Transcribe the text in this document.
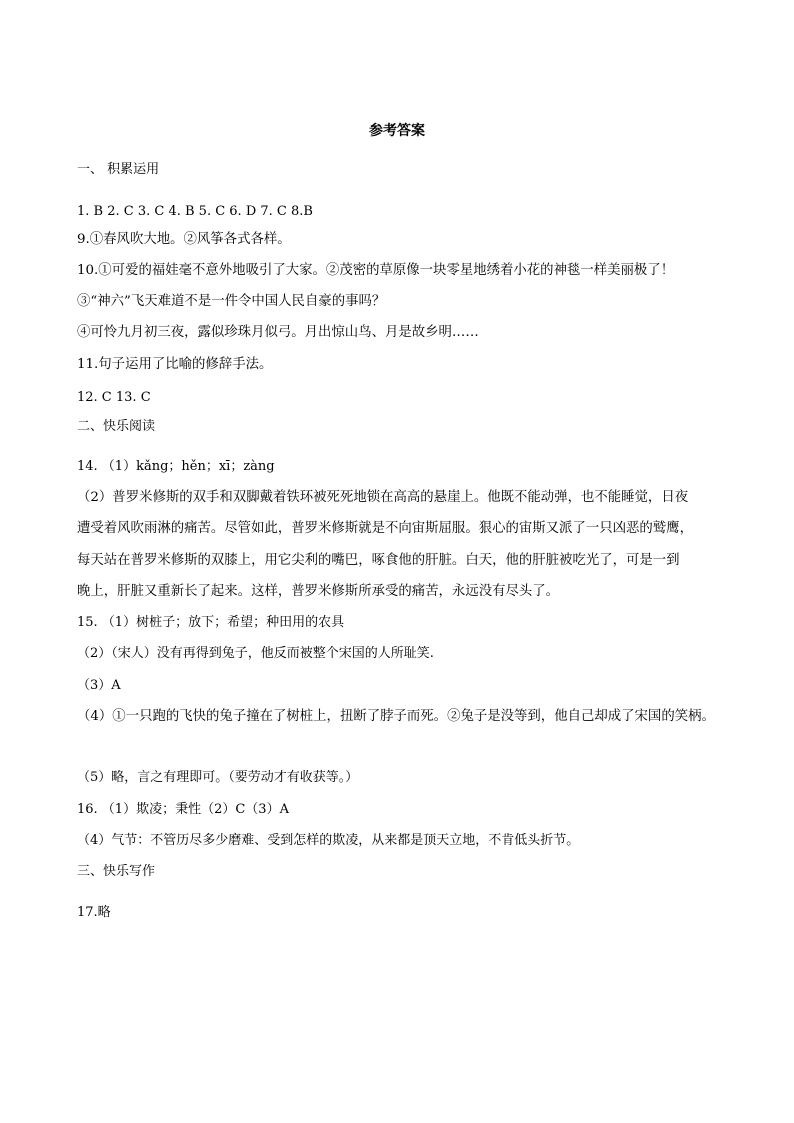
参考答案

一、 积累运用

1. B 2. C 3. C 4. B 5. C 6. D 7. C 8.B

9.①春风吹大地。②风筝各式各样。

10.①可爱的福娃毫不意外地吸引了大家。②茂密的草原像一块零星地绣着小花的神毯一样美丽极了！

③“神六”飞天难道不是一件令中国人民自豪的事吗？

④可怜九月初三夜，露似珍珠月似弓。月出惊山鸟、月是故乡明……

11.句子运用了比喻的修辞手法。

12. C 13. C

二、快乐阅读

14. （1）kǎng；hěn；xī；zàng

（2）普罗米修斯的双手和双脚戴着铁环被死死地锁在高高的悬崖上。他既不能动弹，也不能睡觉，日夜

遭受着风吹雨淋的痛苦。尽管如此，普罗米修斯就是不向宙斯屈服。狠心的宙斯又派了一只凶恶的鹫鹰，

每天站在普罗米修斯的双膝上，用它尖利的嘴巴，啄食他的肝脏。白天，他的肝脏被吃光了，可是一到

晚上，肝脏又重新长了起来。这样，普罗米修斯所承受的痛苦，永远没有尽头了。

15. （1）树桩子；放下；希望；种田用的农具

（2）（宋人）没有再得到兔子，他反而被整个宋国的人所耻笑.

（3）A

（4）①一只跑的飞快的兔子撞在了树桩上，扭断了脖子而死。②兔子是没等到，他自己却成了宋国的笑柄。

（5）略，言之有理即可。（要劳动才有收获等。）

16. （1）欺凌；秉性（2）C（3）A

（4）气节：不管历尽多少磨难、受到怎样的欺凌，从来都是顶天立地，不肯低头折节。

三、快乐写作

17.略
